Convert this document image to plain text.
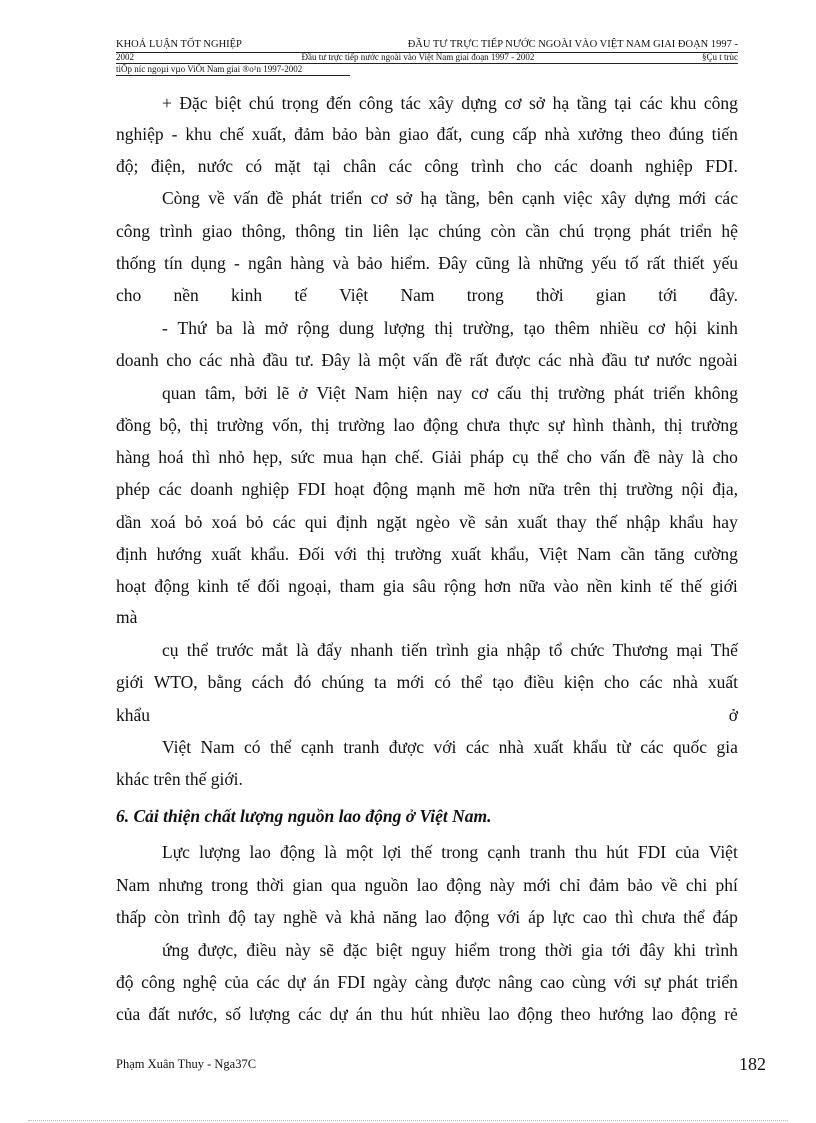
KHOÁ LUẬN TỐT NGHIỆP	ĐẦU TƯ TRỰC TIẾP NƯỚC NGOÀI VÀO VIỆT NAM GIAI ĐOẠN 1997 -
2002	Đầu tư trực tiếp nước ngoài vào Việt Nam giai đoạn 1997 - 2002	§Çu t trùc
tiÕp níc ngoµi vµo ViÖt Nam giai ®o¹n 1997-2002
+ Đặc biệt chú trọng đến công tác xây dựng cơ sở hạ tầng tại các khu công
nghiệp - khu chế xuất, đảm bảo bàn giao đất, cung cấp nhà xưởng theo đúng tiến
độ; điện, nước có mặt tại chân các công trình cho các doanh nghiệp FDI.
Còng về vấn đề phát triển cơ sở hạ tầng, bên cạnh việc xây dựng mới các
công trình giao thông, thông tin liên lạc chúng còn cần chú trọng phát triển hệ
thống tín dụng - ngân hàng và bảo hiểm. Đây cũng là những yếu tố rất thiết yếu
cho nền kinh tế Việt Nam trong thời gian tới đây.
- Thứ ba là mở rộng dung lượng thị trường, tạo thêm nhiều cơ hội kinh
doanh cho các nhà đầu tư. Đây là một vấn đề rất được các nhà đầu tư nước ngoài
quan tâm, bởi lẽ ở Việt Nam hiện nay cơ cấu thị trường phát triển không
đồng bộ, thị trường vốn, thị trường lao động chưa thực sự hình thành, thị trường
hàng hoá thì nhỏ hẹp, sức mua hạn chế. Giải pháp cụ thể cho vấn đề này là cho
phép các doanh nghiệp FDI hoạt động mạnh mẽ hơn nữa trên thị trường nội địa,
dần xoá bỏ xoá bỏ các qui định ngặt ngèo về sản xuất thay thế nhập khẩu hay
định hướng xuất khẩu. Đối với thị trường xuất khẩu, Việt Nam cần tăng cường
hoạt động kinh tế đối ngoại, tham gia sâu rộng hơn nữa vào nền kinh tế thế giới
mà
cụ thể trước mắt là đẩy nhanh tiến trình gia nhập tổ chức Thương mại Thế
giới WTO, bằng cách đó chúng ta mới có thể tạo điều kiện cho các nhà xuất
khẩu	ở
Việt Nam có thể cạnh tranh được với các nhà xuất khẩu từ các quốc gia
khác trên thế giới.
6. Cải thiện chất lượng nguồn lao động ở Việt Nam.
Lực lượng lao động là một lợi thế trong cạnh tranh thu hút FDI của Việt
Nam nhưng trong thời gian qua nguồn lao động này mới chỉ đảm bảo về chi phí
thấp còn trình độ tay nghề và khả năng lao động với áp lực cao thì chưa thể đáp
ứng được, điều này sẽ đặc biệt nguy hiểm trong thời gia tới đây khi trình
độ công nghệ của các dự án FDI ngày càng được nâng cao cùng với sự phát triển
của đất nước, số lượng các dự án thu hút nhiều lao động theo hướng lao động rẻ
Phạm Xuân Thuy - Nga37C	182
